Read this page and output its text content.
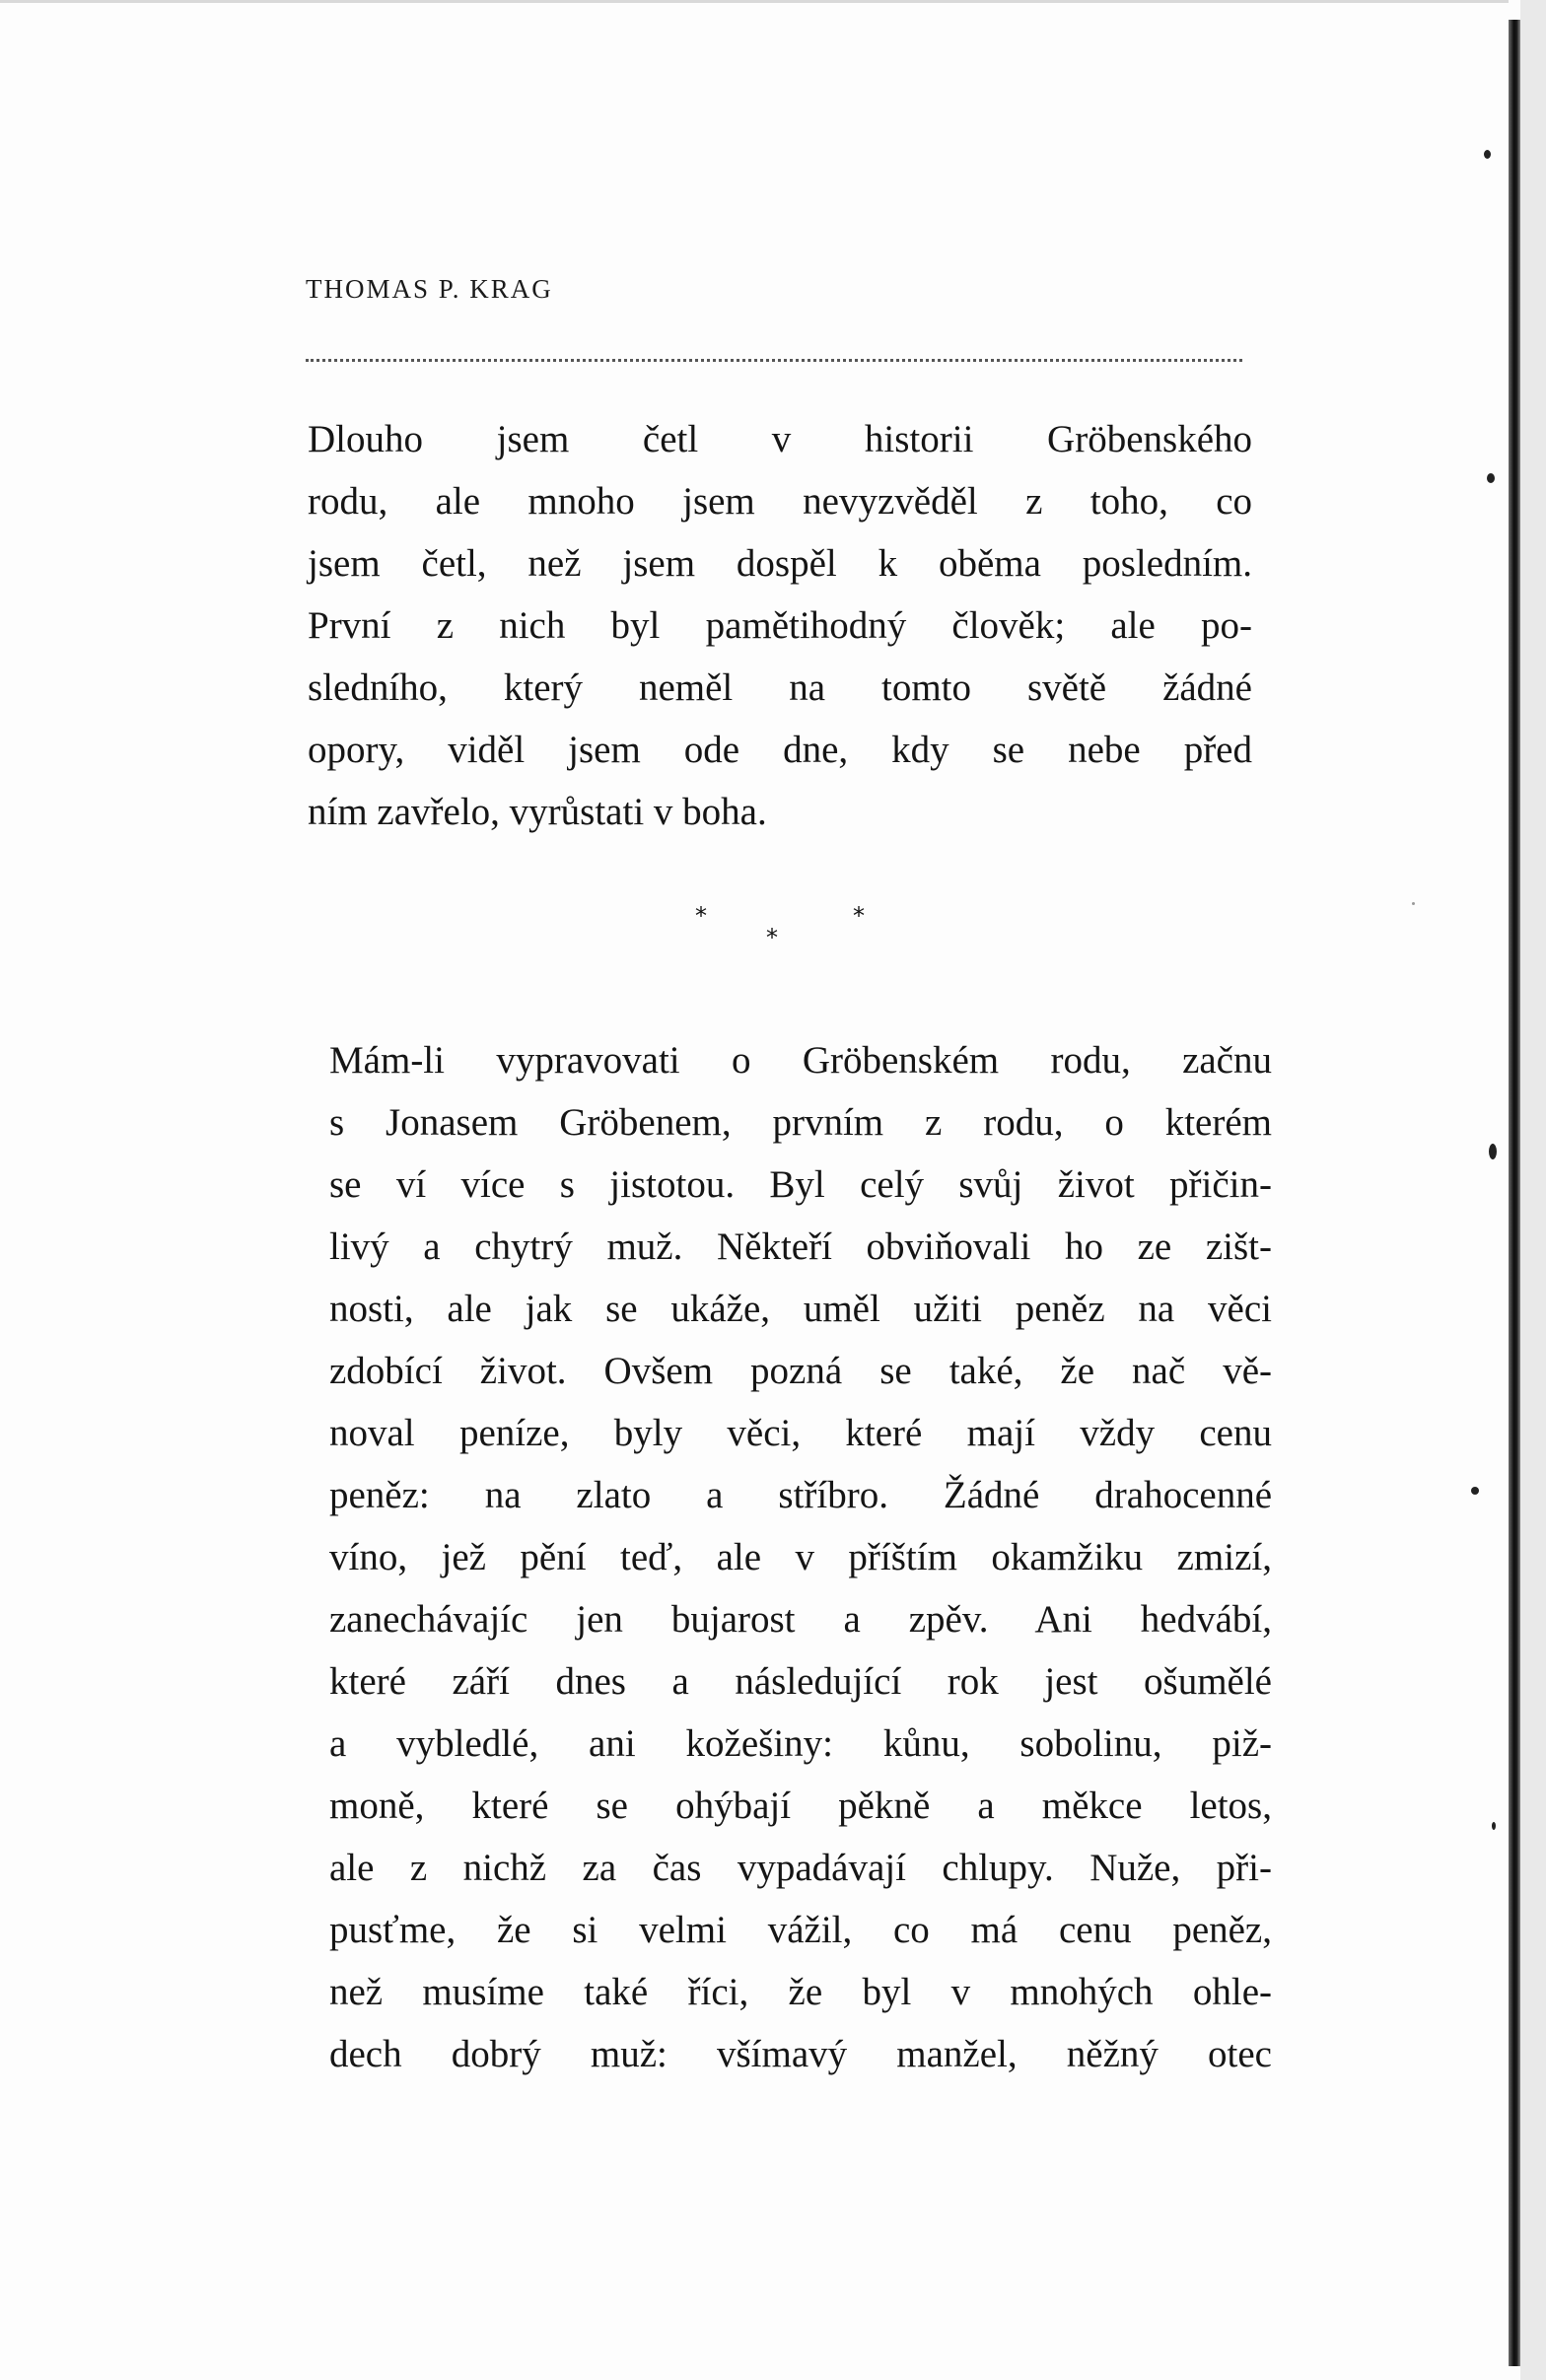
THOMAS P. KRAG
Dlouho jsem četl v historii Gröbenského
rodu, ale mnoho jsem nevyzvěděl z toho, co
jsem četl, než jsem dospěl k oběma posledním.
První z nich byl pamětihodný člověk; ale po-
sledního, který neměl na tomto světě žádné
opory, viděl jsem ode dne, kdy se nebe před
ním zavřelo, vyrůstati v boha.
*
*
*
Mám-li vypravovati o Gröbenském rodu, začnu
s Jonasem Gröbenem, prvním z rodu, o kterém
se ví více s jistotou. Byl celý svůj život přičin-
livý a chytrý muž. Někteří obviňovali ho ze zišt-
nosti, ale jak se ukáže, uměl užiti peněz na věci
zdobící život. Ovšem pozná se také, že nač vě-
noval peníze, byly věci, které mají vždy cenu
peněz: na zlato a stříbro. Žádné drahocenné
víno, jež pění teď, ale v příštím okamžiku zmizí,
zanechávajíc jen bujarost a zpěv. Ani hedvábí,
které září dnes a následující rok jest ošumělé
a vybledlé, ani kožešiny: kůnu, sobolinu, piž-
moně, které se ohýbají pěkně a měkce letos,
ale z nichž za čas vypadávají chlupy. Nuže, při-
pusťme, že si velmi vážil, co má cenu peněz,
než musíme také říci, že byl v mnohých ohle-
dech dobrý muž: všímavý manžel, něžný otec
